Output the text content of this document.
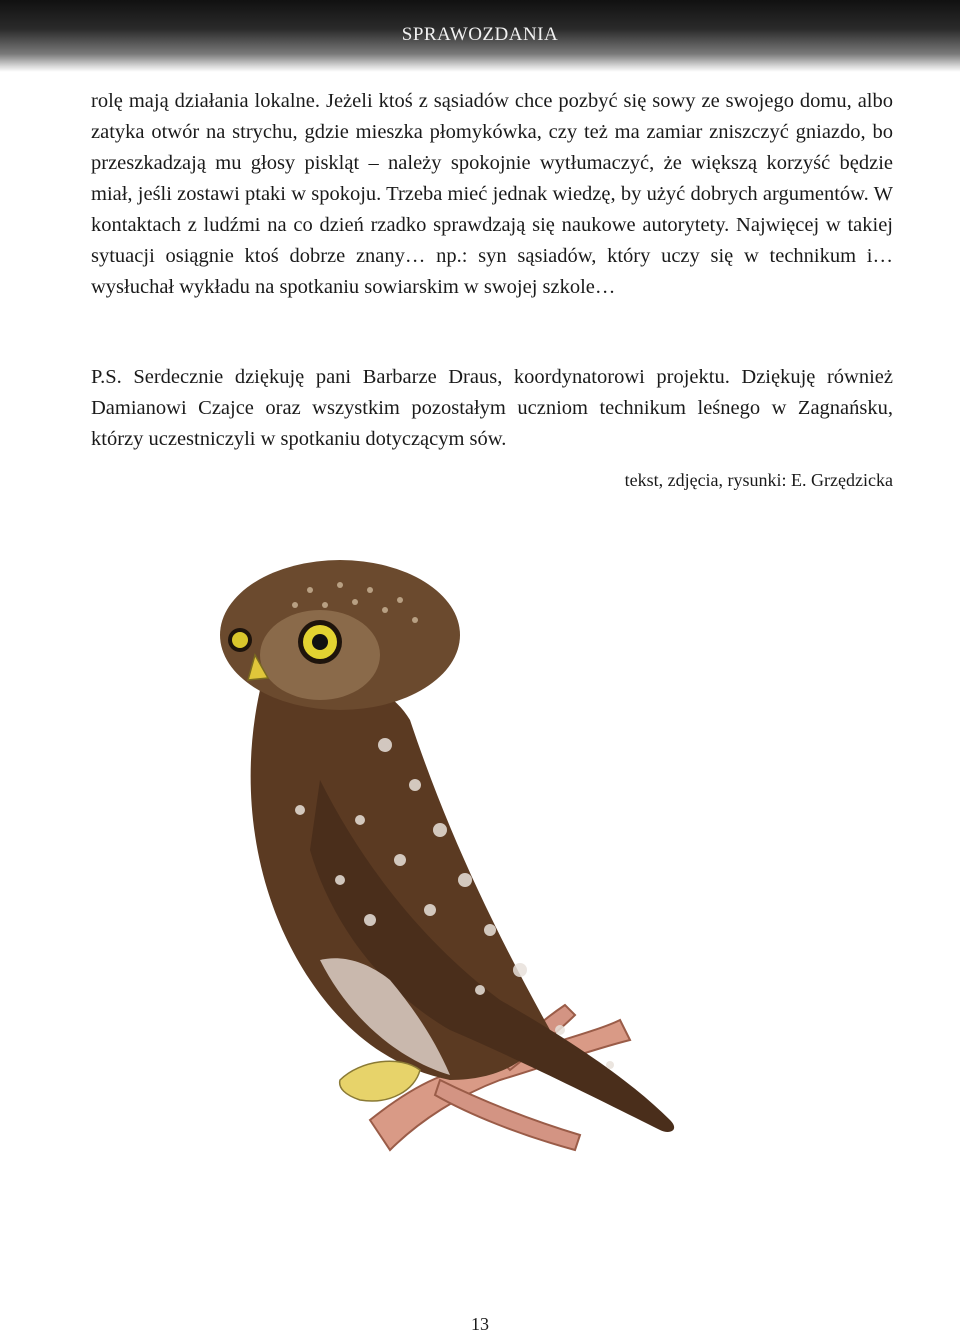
SPRAWOZDANIA

rolę mają działania lokalne. Jeżeli ktoś z sąsiadów chce pozbyć się sowy ze swojego domu, albo zatyka otwór na strychu, gdzie mieszka płomykówka, czy też ma zamiar zniszczyć gniazdo, bo przeszkadzają mu głosy piskląt – należy spokojnie wytłumaczyć, że większą korzyść będzie miał, jeśli zostawi ptaki w spokoju. Trzeba mieć jednak wiedzę, by użyć dobrych argumentów. W kontaktach z ludźmi na co dzień rzadko sprawdzają się naukowe autorytety. Najwięcej w takiej sytuacji osiągnie ktoś dobrze znany… np.: syn sąsiadów, który uczy się w technikum i… wysłuchał wykładu na spotkaniu sowiarskim w swojej szkole…

P.S. Serdecznie dziękuję pani Barbarze Draus, koordynatorowi projektu. Dziękuję również Damianowi Czajce oraz wszystkim pozostałym uczniom technikum leśnego w Zagnańsku, którzy uczestniczyli w spotkaniu dotyczącym sów.

tekst, zdjęcia, rysunki: E. Grzędzicka
13
